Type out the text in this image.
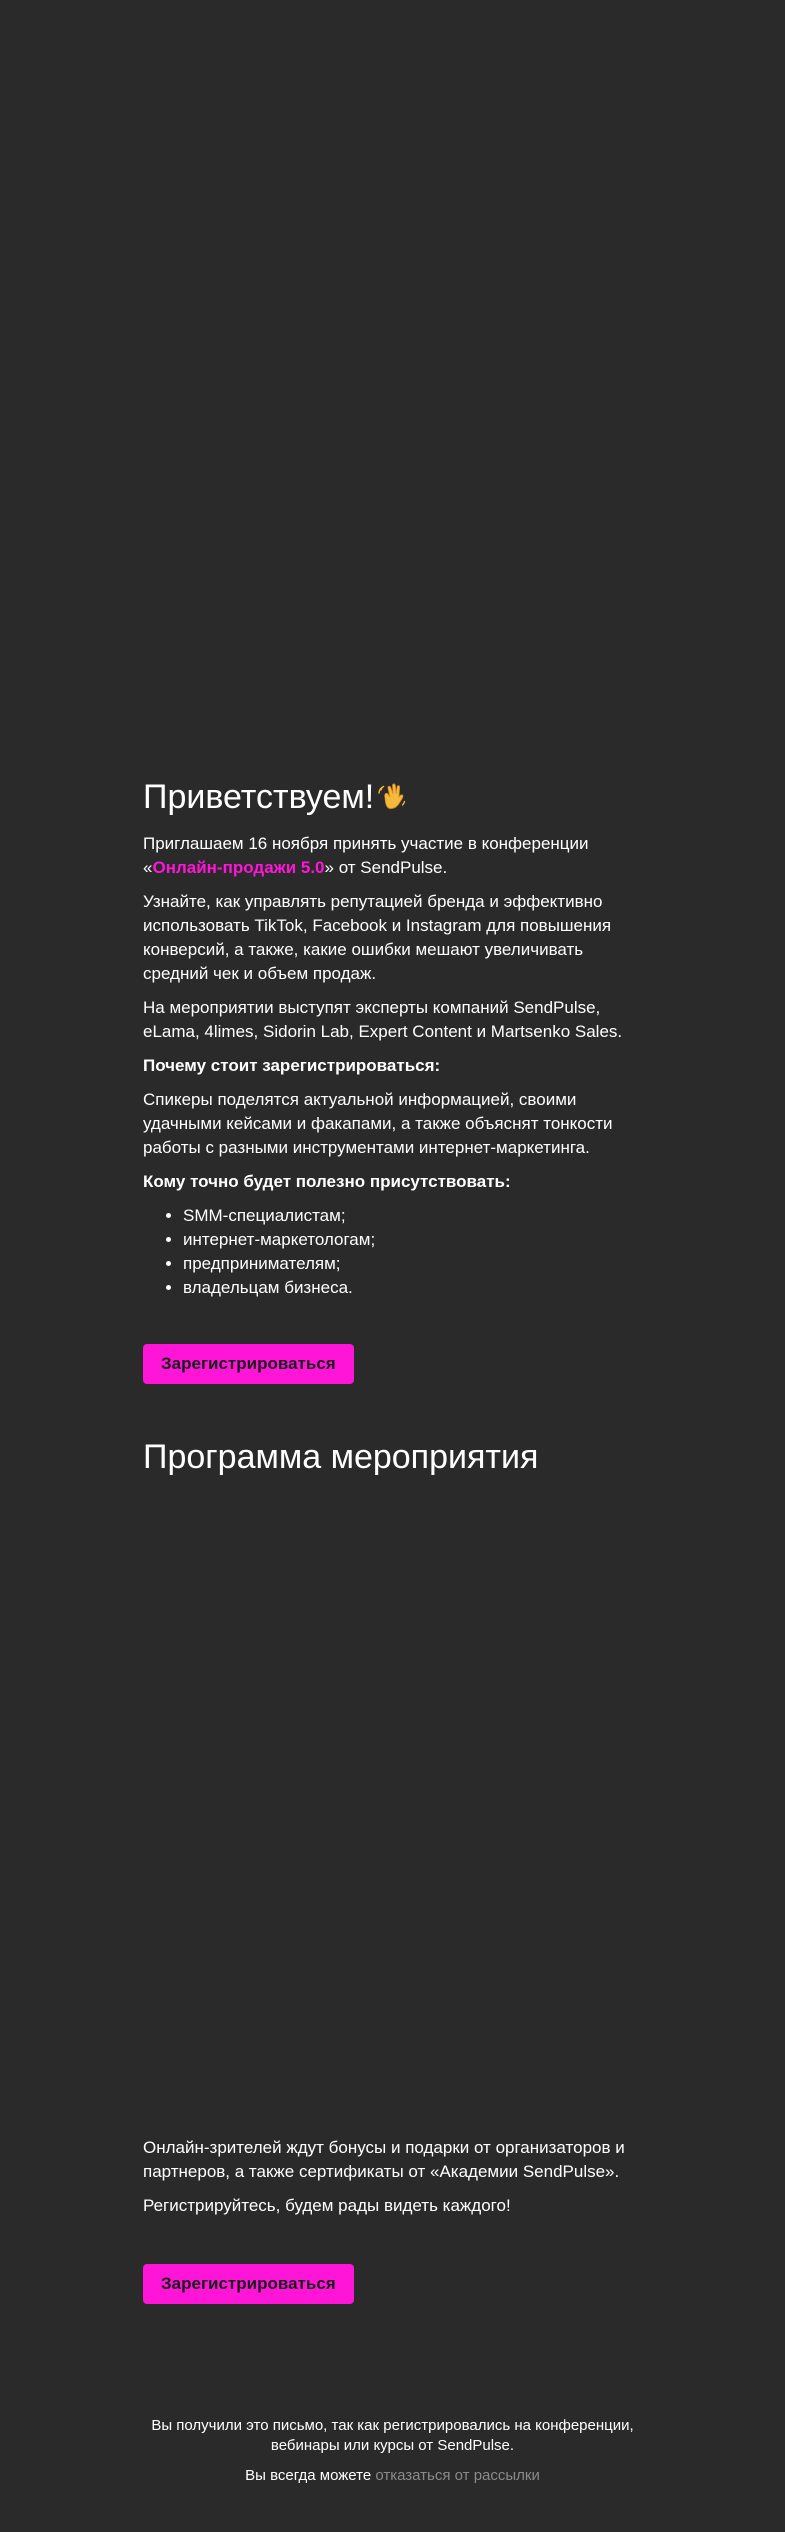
Приветствуем!

Приглашаем 16 ноября принять участие в конференции «Онлайн-продажи 5.0» от SendPulse.

Узнайте, как управлять репутацией бренда и эффективно использовать TikTok, Facebook и Instagram для повышения конверсий, а также, какие ошибки мешают увеличивать средний чек и объем продаж.

На мероприятии выступят эксперты компаний SendPulse, eLama, 4limes, Sidorin Lab, Expert Content и Martsenko Sales.

Почему стоит зарегистрироваться:

Спикеры поделятся актуальной информацией, своими удачными кейсами и факапами, а также объяснят тонкости работы с разными инструментами интернет-маркетинга.

Кому точно будет полезно присутствовать:

• SMM-специалистам;
• интернет-маркетологам;
• предпринимателям;
• владельцам бизнеса.
Зарегистрироваться
Программа мероприятия

Онлайн-зрителей ждут бонусы и подарки от организаторов и партнеров, а также сертификаты от «Академии SendPulse».

Регистрируйтесь, будем рады видеть каждого!

Зарегистрироваться

Вы получили это письмо, так как регистрировались на конференции, вебинары или курсы от SendPulse.

Вы всегда можете отказаться от рассылки
